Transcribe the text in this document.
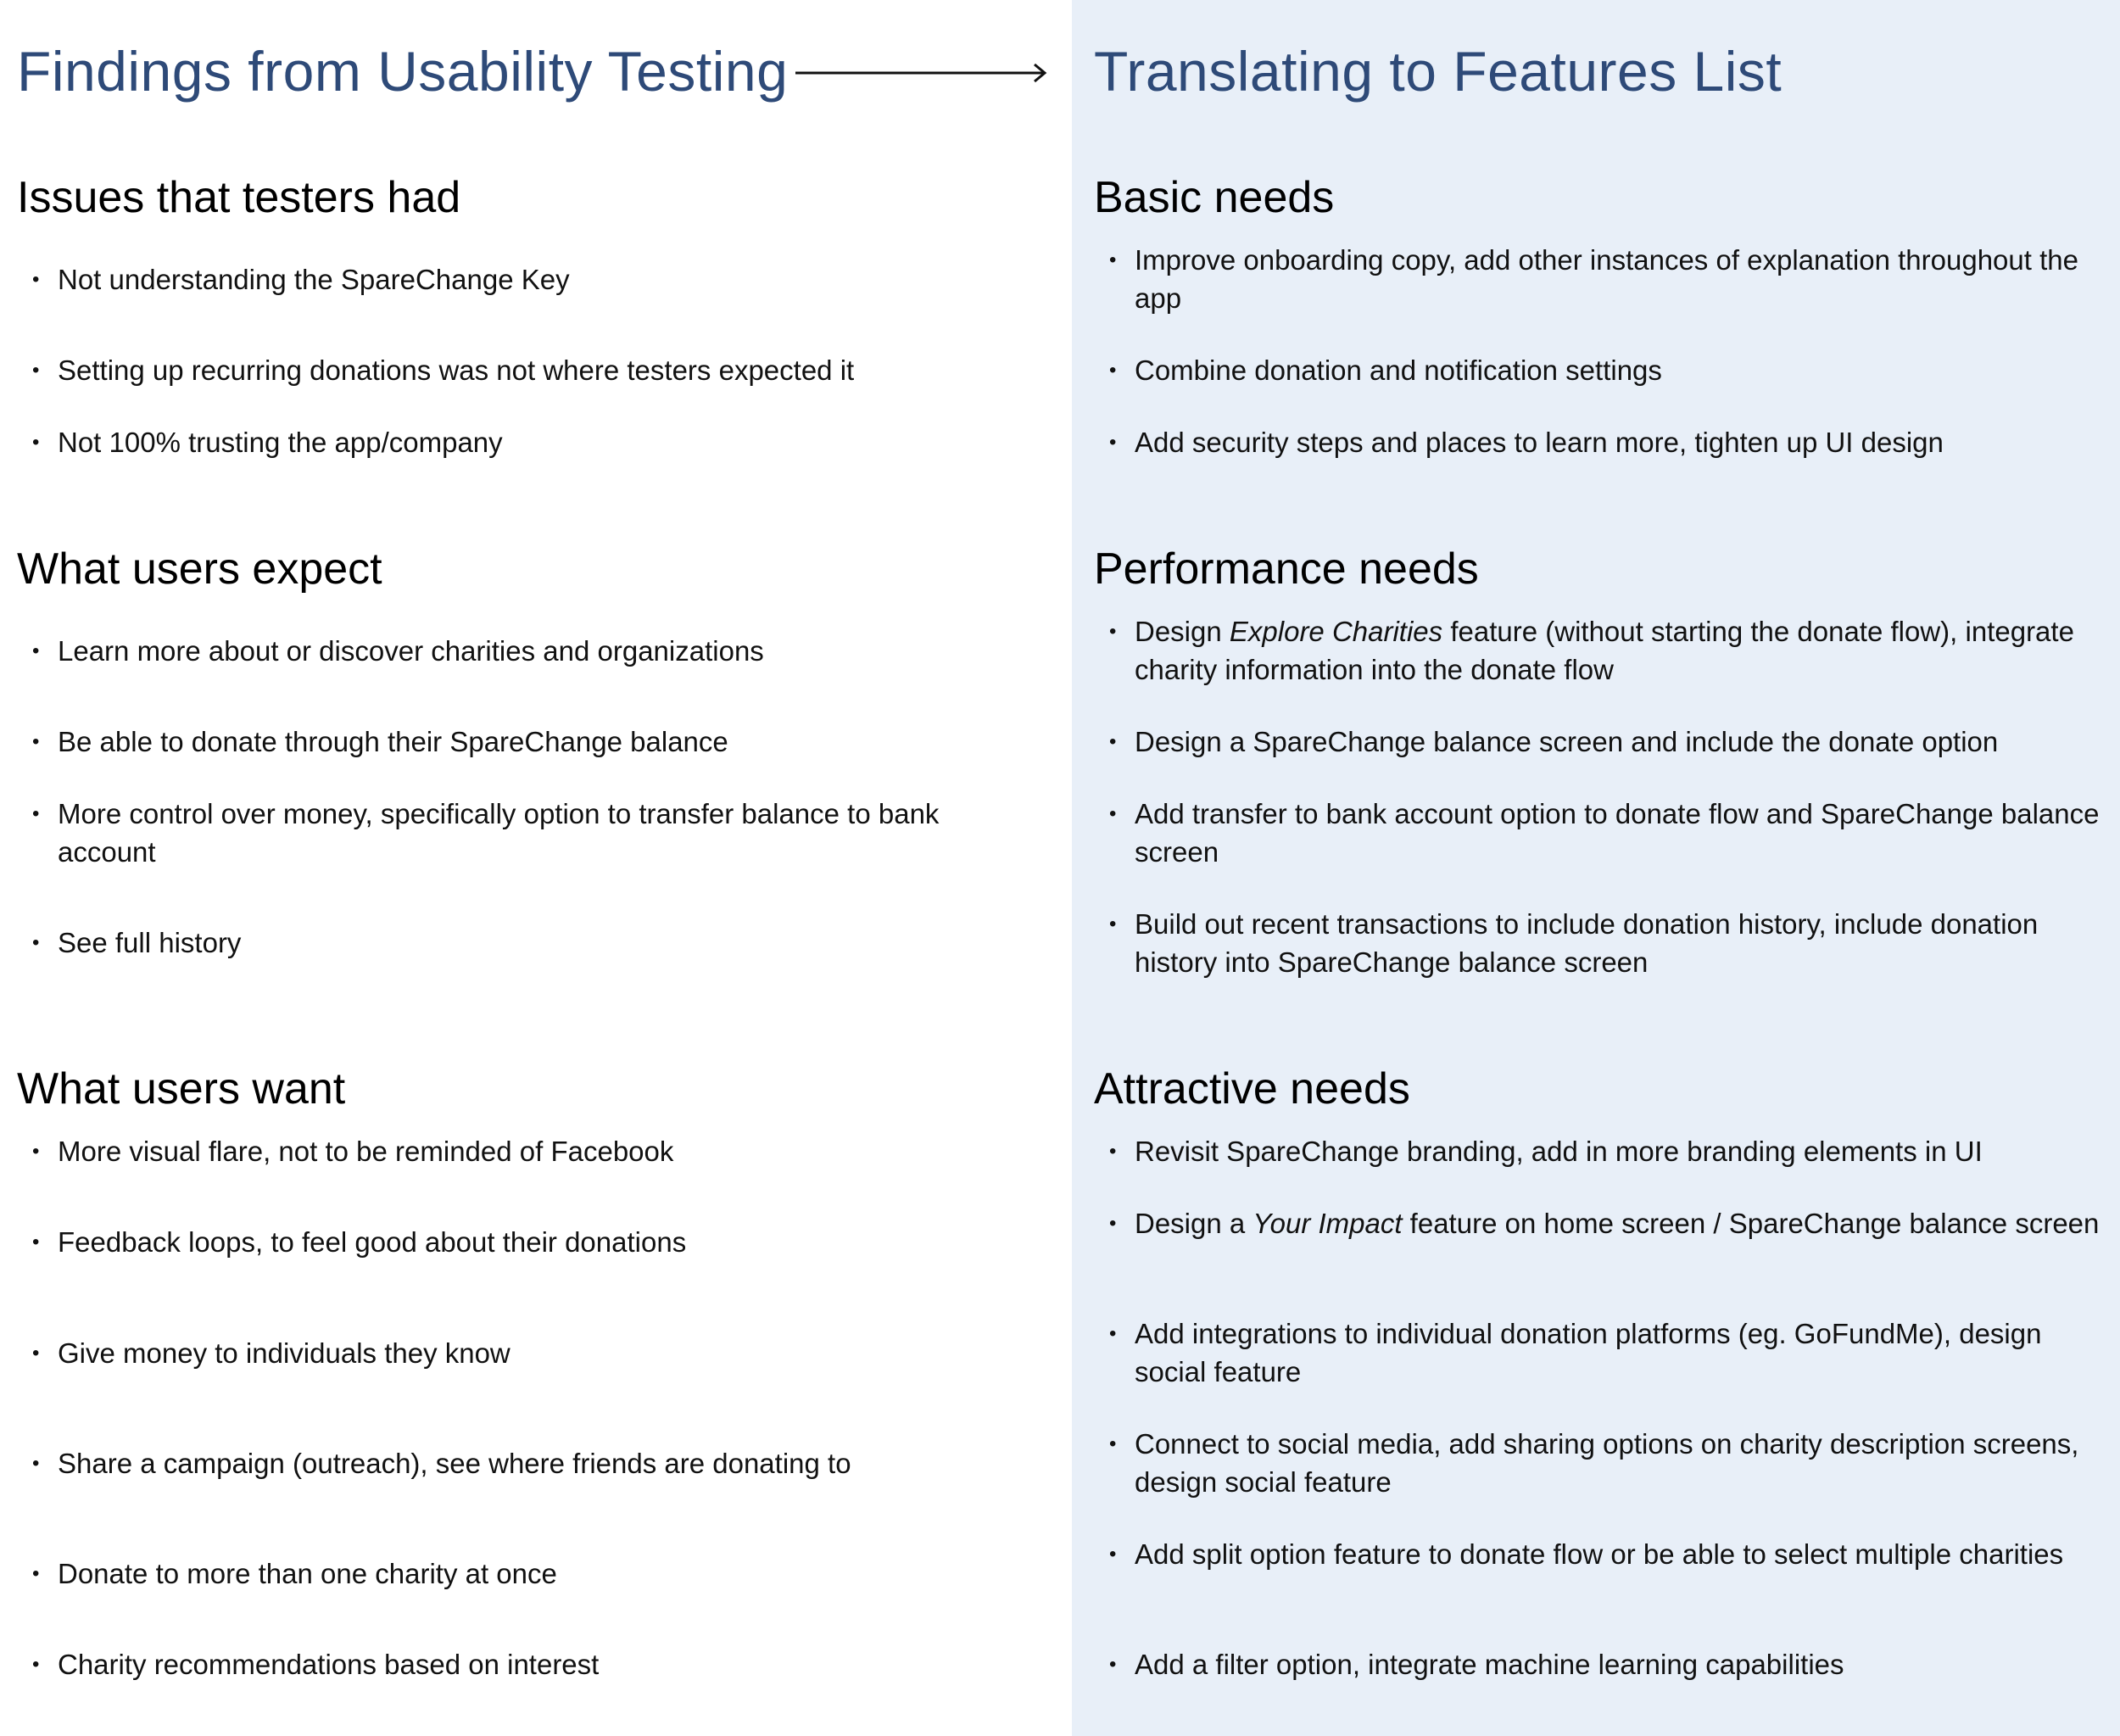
Findings from Usability Testing	Translating to Features List
Issues that testers had
• Not understanding the SpareChange Key
• Setting up recurring donations was not where testers expected it
• Not 100% trusting the app/company
What users expect
• Learn more about or discover charities and organizations
• Be able to donate through their SpareChange balance
• More control over money, specifically option to transfer balance to bank account
• See full history
What users want
• More visual flare, not to be reminded of Facebook
• Feedback loops, to feel good about their donations
• Give money to individuals they know
• Share a campaign (outreach), see where friends are donating to
• Donate to more than one charity at once
• Charity recommendations based on interest
Basic needs
• Improve onboarding copy, add other instances of explanation throughout the app
• Combine donation and notification settings
• Add security steps and places to learn more, tighten up UI design
Performance needs
• Design Explore Charities feature (without starting the donate flow), integrate charity information into the donate flow
• Design a SpareChange balance screen and include the donate option
• Add transfer to bank account option to donate flow and SpareChange balance screen
• Build out recent transactions to include donation history, include donation history into SpareChange balance screen
Attractive needs
• Revisit SpareChange branding, add in more branding elements in UI
• Design a Your Impact feature on home screen / SpareChange balance screen
• Add integrations to individual donation platforms (eg. GoFundMe), design social feature
• Connect to social media, add sharing options on charity description screens, design social feature
• Add split option feature to donate flow or be able to select multiple charities
• Add a filter option, integrate machine learning capabilities
